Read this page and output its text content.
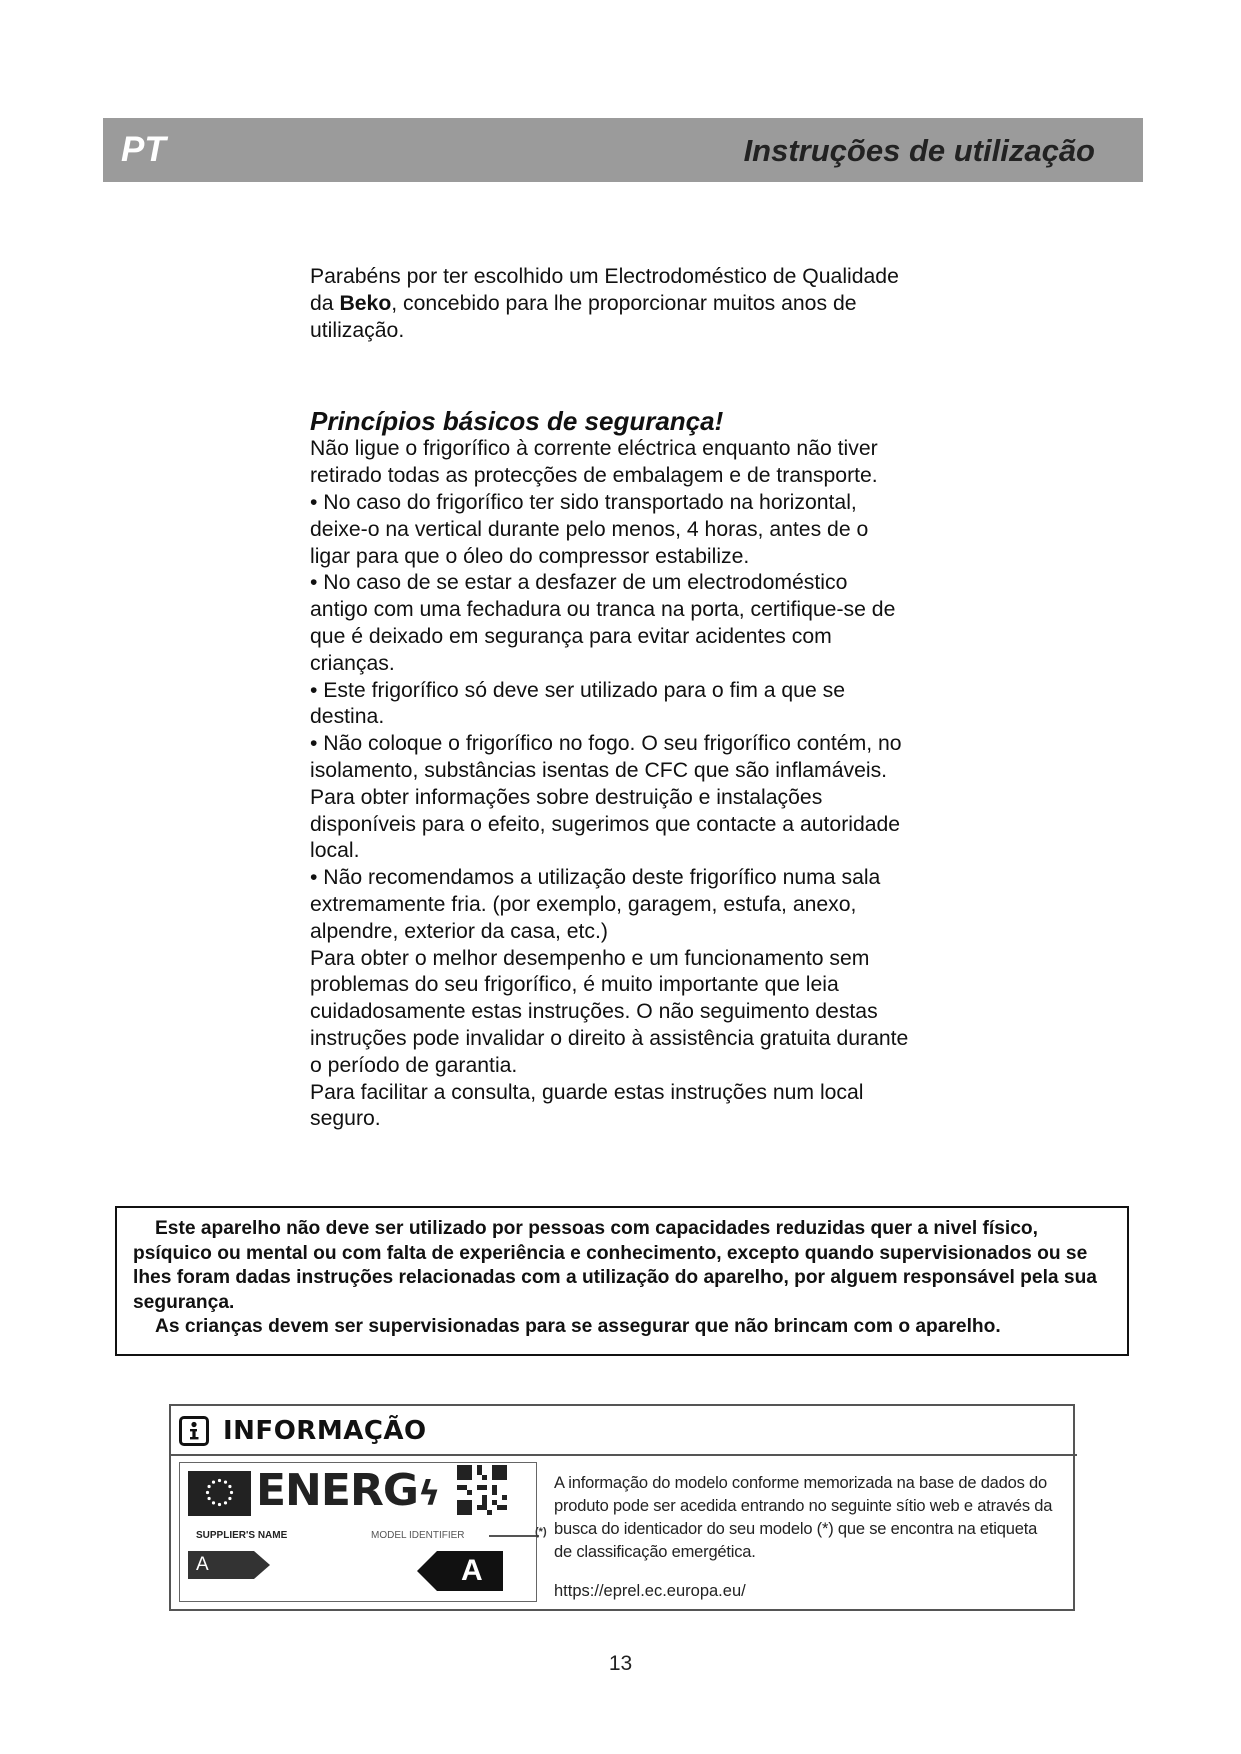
PT	Instruções de utilização

Parabéns por ter escolhido um Electrodoméstico de Qualidade da Beko, concebido para lhe proporcionar muitos anos de utilização.

Princípios básicos de segurança!

Não ligue o frigorífico à corrente eléctrica enquanto não tiver retirado todas as protecções de embalagem e de transporte.

• No caso do frigorífico ter sido transportado na horizontal, deixe-o na vertical durante pelo menos, 4 horas, antes de o ligar para que o óleo do compressor estabilize.

• No caso de se estar a desfazer de um electrodoméstico antigo com uma fechadura ou tranca na porta, certifique-se de que é deixado em segurança para evitar acidentes com crianças.

• Este frigorífico só deve ser utilizado para o fim a que se destina.

• Não coloque o frigorífico no fogo. O seu frigorífico contém, no isolamento, substâncias isentas de CFC que são inflamáveis. Para obter informações sobre destruição e instalações disponíveis para o efeito, sugerimos que contacte a autoridade local.

• Não recomendamos a utilização deste frigorífico numa sala extremamente fria. (por exemplo, garagem, estufa, anexo, alpendre, exterior da casa, etc.)

Para obter o melhor desempenho e um funcionamento sem problemas do seu frigorífico, é muito importante que leia cuidadosamente estas instruções. O não seguimento destas instruções pode invalidar o direito à assistência gratuita durante o período de garantia.

Para facilitar a consulta, guarde estas instruções num local seguro.

Este aparelho não deve ser utilizado por pessoas com capacidades reduzidas quer a nivel físico, psíquico ou mental ou com falta de experiência e conhecimento, excepto quando supervisionados ou se lhes foram dadas instruções relacionadas com a utilização do aparelho, por alguem responsável pela sua segurança.

As crianças devem ser supervisionadas para se assegurar que não brincam com o aparelho.

INFORMAÇÃO
ENERGϟ
SUPPLIER'S NAME	MODEL IDENTIFIER	(*)
A	A

A informação do modelo conforme memorizada na base de dados do produto pode ser acedida entrando no seguinte sítio web e através da busca do identicador do seu modelo (*) que se encontra na etiqueta de classificação emergética.

https://eprel.ec.europa.eu/
13
